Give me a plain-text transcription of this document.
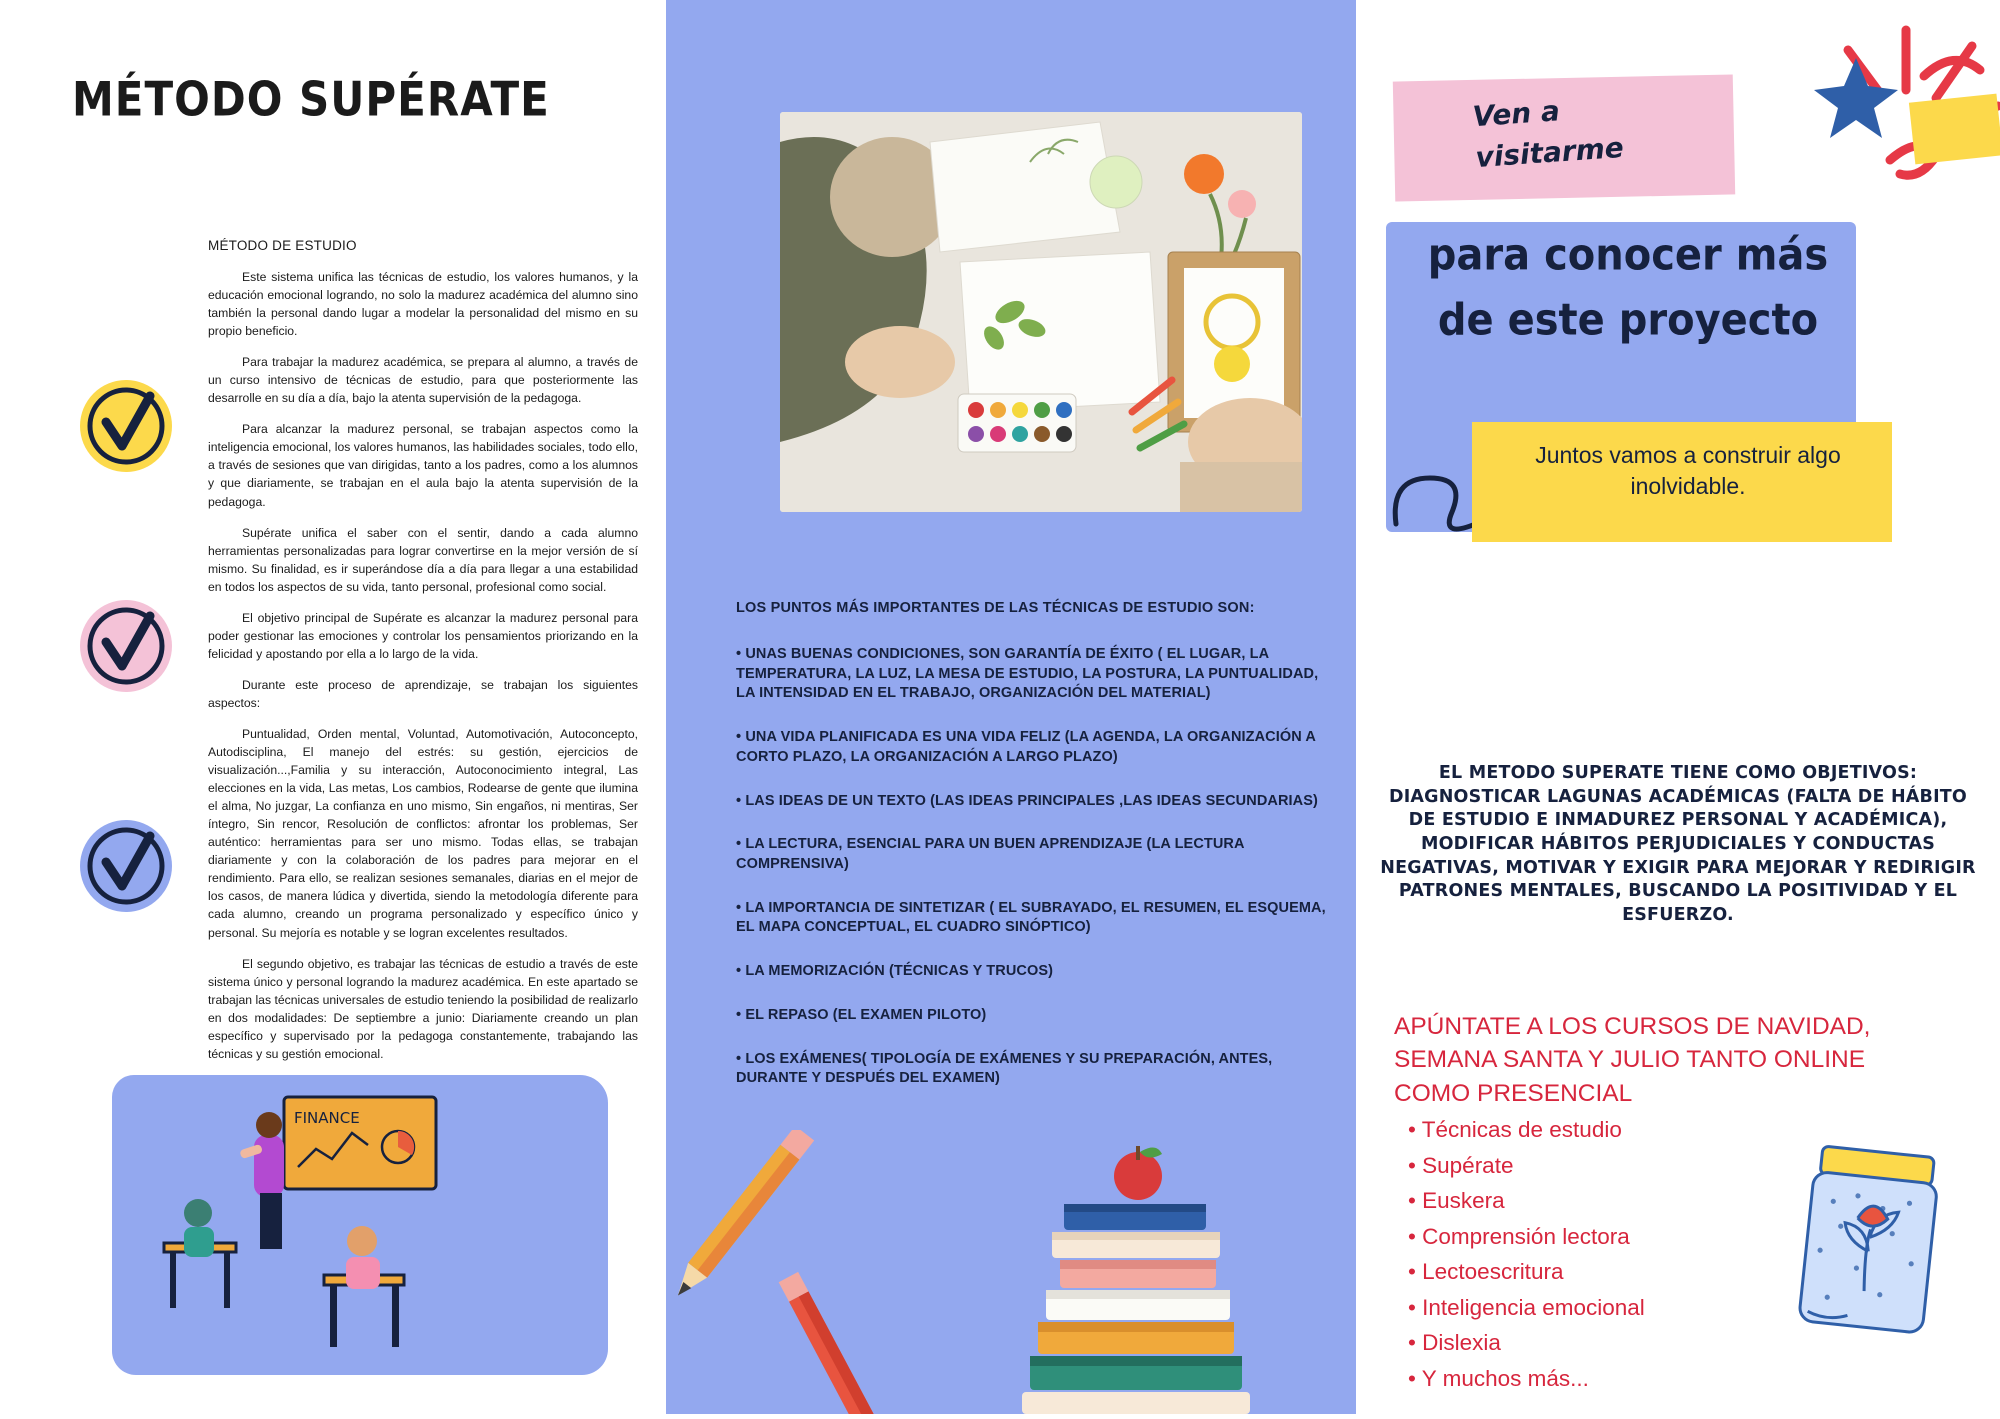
MÉTODO SUPÉRATE
MÉTODO DE ESTUDIO

Este sistema unifica las técnicas de estudio, los valores humanos, y la educación emocional logrando, no solo la madurez académica del alumno sino también la personal dando lugar a modelar la personalidad del mismo en su propio beneficio.

Para trabajar la madurez académica, se prepara al alumno, a través de un curso intensivo de técnicas de estudio, para que posteriormente las desarrolle en su día a día, bajo la atenta supervisión de la pedagoga.

Para alcanzar la madurez personal, se trabajan aspectos como la inteligencia emocional, los valores humanos, las habilidades sociales, todo ello, a través de sesiones que van dirigidas, tanto a los padres, como a los alumnos y que diariamente, se trabajan en el aula bajo la atenta supervisión de la pedagoga.

Supérate unifica el saber con el sentir, dando a cada alumno herramientas personalizadas para lograr convertirse en la mejor versión de sí mismo. Su finalidad, es ir superándose día a día para llegar a una estabilidad en todos los aspectos de su vida, tanto personal, profesional como social.

El objetivo principal de Supérate es alcanzar la madurez personal para poder gestionar las emociones y controlar los pensamientos priorizando en la felicidad y apostando por ella a lo largo de la vida.

Durante este proceso de aprendizaje, se trabajan los siguientes aspectos:

Puntualidad, Orden mental, Voluntad, Automotivación, Autoconcepto, Autodisciplina, El manejo del estrés: su gestión, ejercicios de visualización...,Familia y su interacción, Autoconocimiento integral, Las elecciones en la vida, Las metas, Los cambios, Rodearse de gente que ilumina el alma, No juzgar, La confianza en uno mismo, Sin engaños, ni mentiras, Ser íntegro, Sin rencor, Resolución de conflictos: afrontar los problemas, Ser auténtico: herramientas para ser uno mismo. Todas ellas, se trabajan diariamente y con la colaboración de los padres para mejorar en el rendimiento. Para ello, se realizan sesiones semanales, diarias en el mejor de los casos, de manera lúdica y divertida, siendo la metodología diferente para cada alumno, creando un programa personalizado y específico único y personal. Su mejoría es notable y se logran excelentes resultados.

El segundo objetivo, es trabajar las técnicas de estudio a través de este sistema único y personal logrando la madurez académica. En este apartado se trabajan las técnicas universales de estudio teniendo la posibilidad de realizarlo en dos modalidades: De septiembre a junio: Diariamente creando un plan específico y supervisado por la pedagoga constantemente, trabajando las técnicas y su gestión emocional.

FINANCE
LOS PUNTOS MÁS IMPORTANTES DE LAS TÉCNICAS DE ESTUDIO SON:
• UNAS BUENAS CONDICIONES, SON GARANTÍA DE ÉXITO ( EL LUGAR, LA TEMPERATURA, LA LUZ, LA MESA DE ESTUDIO, LA POSTURA, LA PUNTUALIDAD, LA INTENSIDAD EN EL TRABAJO, ORGANIZACIÓN DEL MATERIAL)
• UNA VIDA PLANIFICADA ES UNA VIDA FELIZ (LA AGENDA, LA ORGANIZACIÓN A CORTO PLAZO, LA ORGANIZACIÓN A LARGO PLAZO)
• LAS IDEAS DE UN TEXTO (LAS IDEAS PRINCIPALES ,LAS IDEAS SECUNDARIAS)
• LA LECTURA, ESENCIAL PARA UN BUEN APRENDIZAJE (LA LECTURA COMPRENSIVA)
• LA IMPORTANCIA DE SINTETIZAR ( EL SUBRAYADO, EL RESUMEN, EL ESQUEMA, EL MAPA CONCEPTUAL, EL CUADRO SINÓPTICO)
• LA MEMORIZACIÓN (TÉCNICAS Y TRUCOS)
• EL REPASO (EL EXAMEN PILOTO)
• LOS EXÁMENES( TIPOLOGÍA DE EXÁMENES Y SU PREPARACIÓN, ANTES, DURANTE Y DESPUÉS DEL EXAMEN)
Ven a
visitarme
para conocer más de este proyecto
Juntos vamos a construir algo inolvidable.
EL METODO SUPERATE TIENE COMO OBJETIVOS: DIAGNOSTICAR LAGUNAS ACADÉMICAS (FALTA DE HÁBITO DE ESTUDIO E INMADUREZ PERSONAL Y ACADÉMICA), MODIFICAR HÁBITOS PERJUDICIALES Y CONDUCTAS NEGATIVAS, MOTIVAR Y EXIGIR PARA MEJORAR Y REDIRIGIR PATRONES MENTALES, BUSCANDO LA POSITIVIDAD Y EL ESFUERZO.
APÚNTATE A LOS CURSOS DE NAVIDAD, SEMANA SANTA Y JULIO TANTO ONLINE COMO PRESENCIAL
• Técnicas de estudio
• Supérate
• Euskera
• Comprensión lectora
• Lectoescritura
• Inteligencia emocional
• Dislexia
• Y muchos más...
